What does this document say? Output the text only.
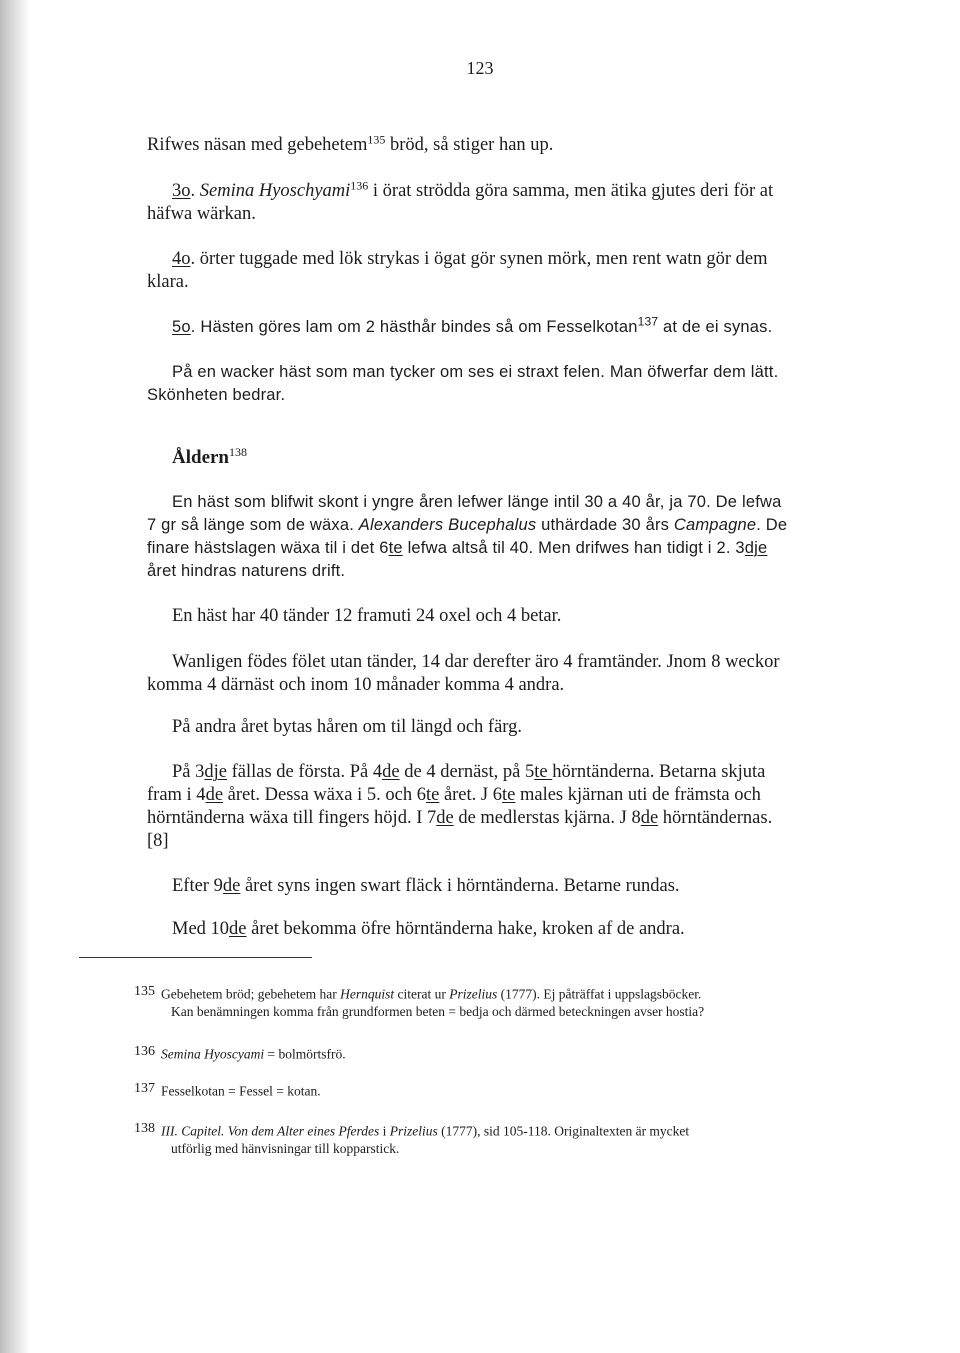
123
Rifwes näsan med gebehetem$^{135}$ bröd, så stiger han up.
3o. Semina Hyoschyami$^{136}$ i örat strödda göra samma, men ätika gjutes deri för at
häfwa wärkan.
4o. örter tuggade med lök strykas i ögat gör synen mörk, men rent watn gör dem
klara.
5o. Hästen göres lam om 2 hästhår bindes så om Fesselkotan$^{137}$ at de ei synas.
På en wacker häst som man tycker om ses ei straxt felen. Man öfwerfar dem lätt.
Skönheten bedrar.
Åldern$^{138}$
En häst som blifwit skont i yngre åren lefwer länge intil 30 a 40 år, ja 70. De lefwa
7 gr så länge som de wäxa. Alexanders Bucephalus uthärdade 30 års Campagne. De
finare hästslagen wäxa til i det 6te lefwa altså til 40. Men drifwes han tidigt i 2. 3dje
året hindras naturens drift.
En häst har 40 tänder 12 framuti 24 oxel och 4 betar.
Wanligen födes fölet utan tänder, 14 dar derefter äro 4 framtänder. Jnom 8 weckor
komma 4 därnäst och inom 10 månader komma 4 andra.
På andra året bytas håren om til längd och färg.
På 3dje fällas de första. På 4de de 4 dernäst, på 5te hörntänderna. Betarna skjuta
fram i 4de året. Dessa wäxa i 5. och 6te året. J 6te males kjärnan uti de främsta och
hörntänderna wäxa till fingers höjd. I 7de de medlerstas kjärna. J 8de hörntändernas.
[8]
Efter 9de året syns ingen swart fläck i hörntänderna. Betarne rundas.
Med 10de året bekomma öfre hörntänderna hake, kroken af de andra.
135 Gebehetem bröd; gebehetem har Hernquist citerat ur Prizelius (1777). Ej påträffat i uppslagsböcker.
Kan benämningen komma från grundformen beten = bedja och därmed beteckningen avser hostia?
136 Semina Hyoscyami = bolmörtsfrö.
137 Fesselkotan = Fessel = kotan.
138 III. Capitel. Von dem Alter eines Pferdes i Prizelius (1777), sid 105-118. Originaltexten är mycket
utförlig med hänvisningar till kopparstick.
